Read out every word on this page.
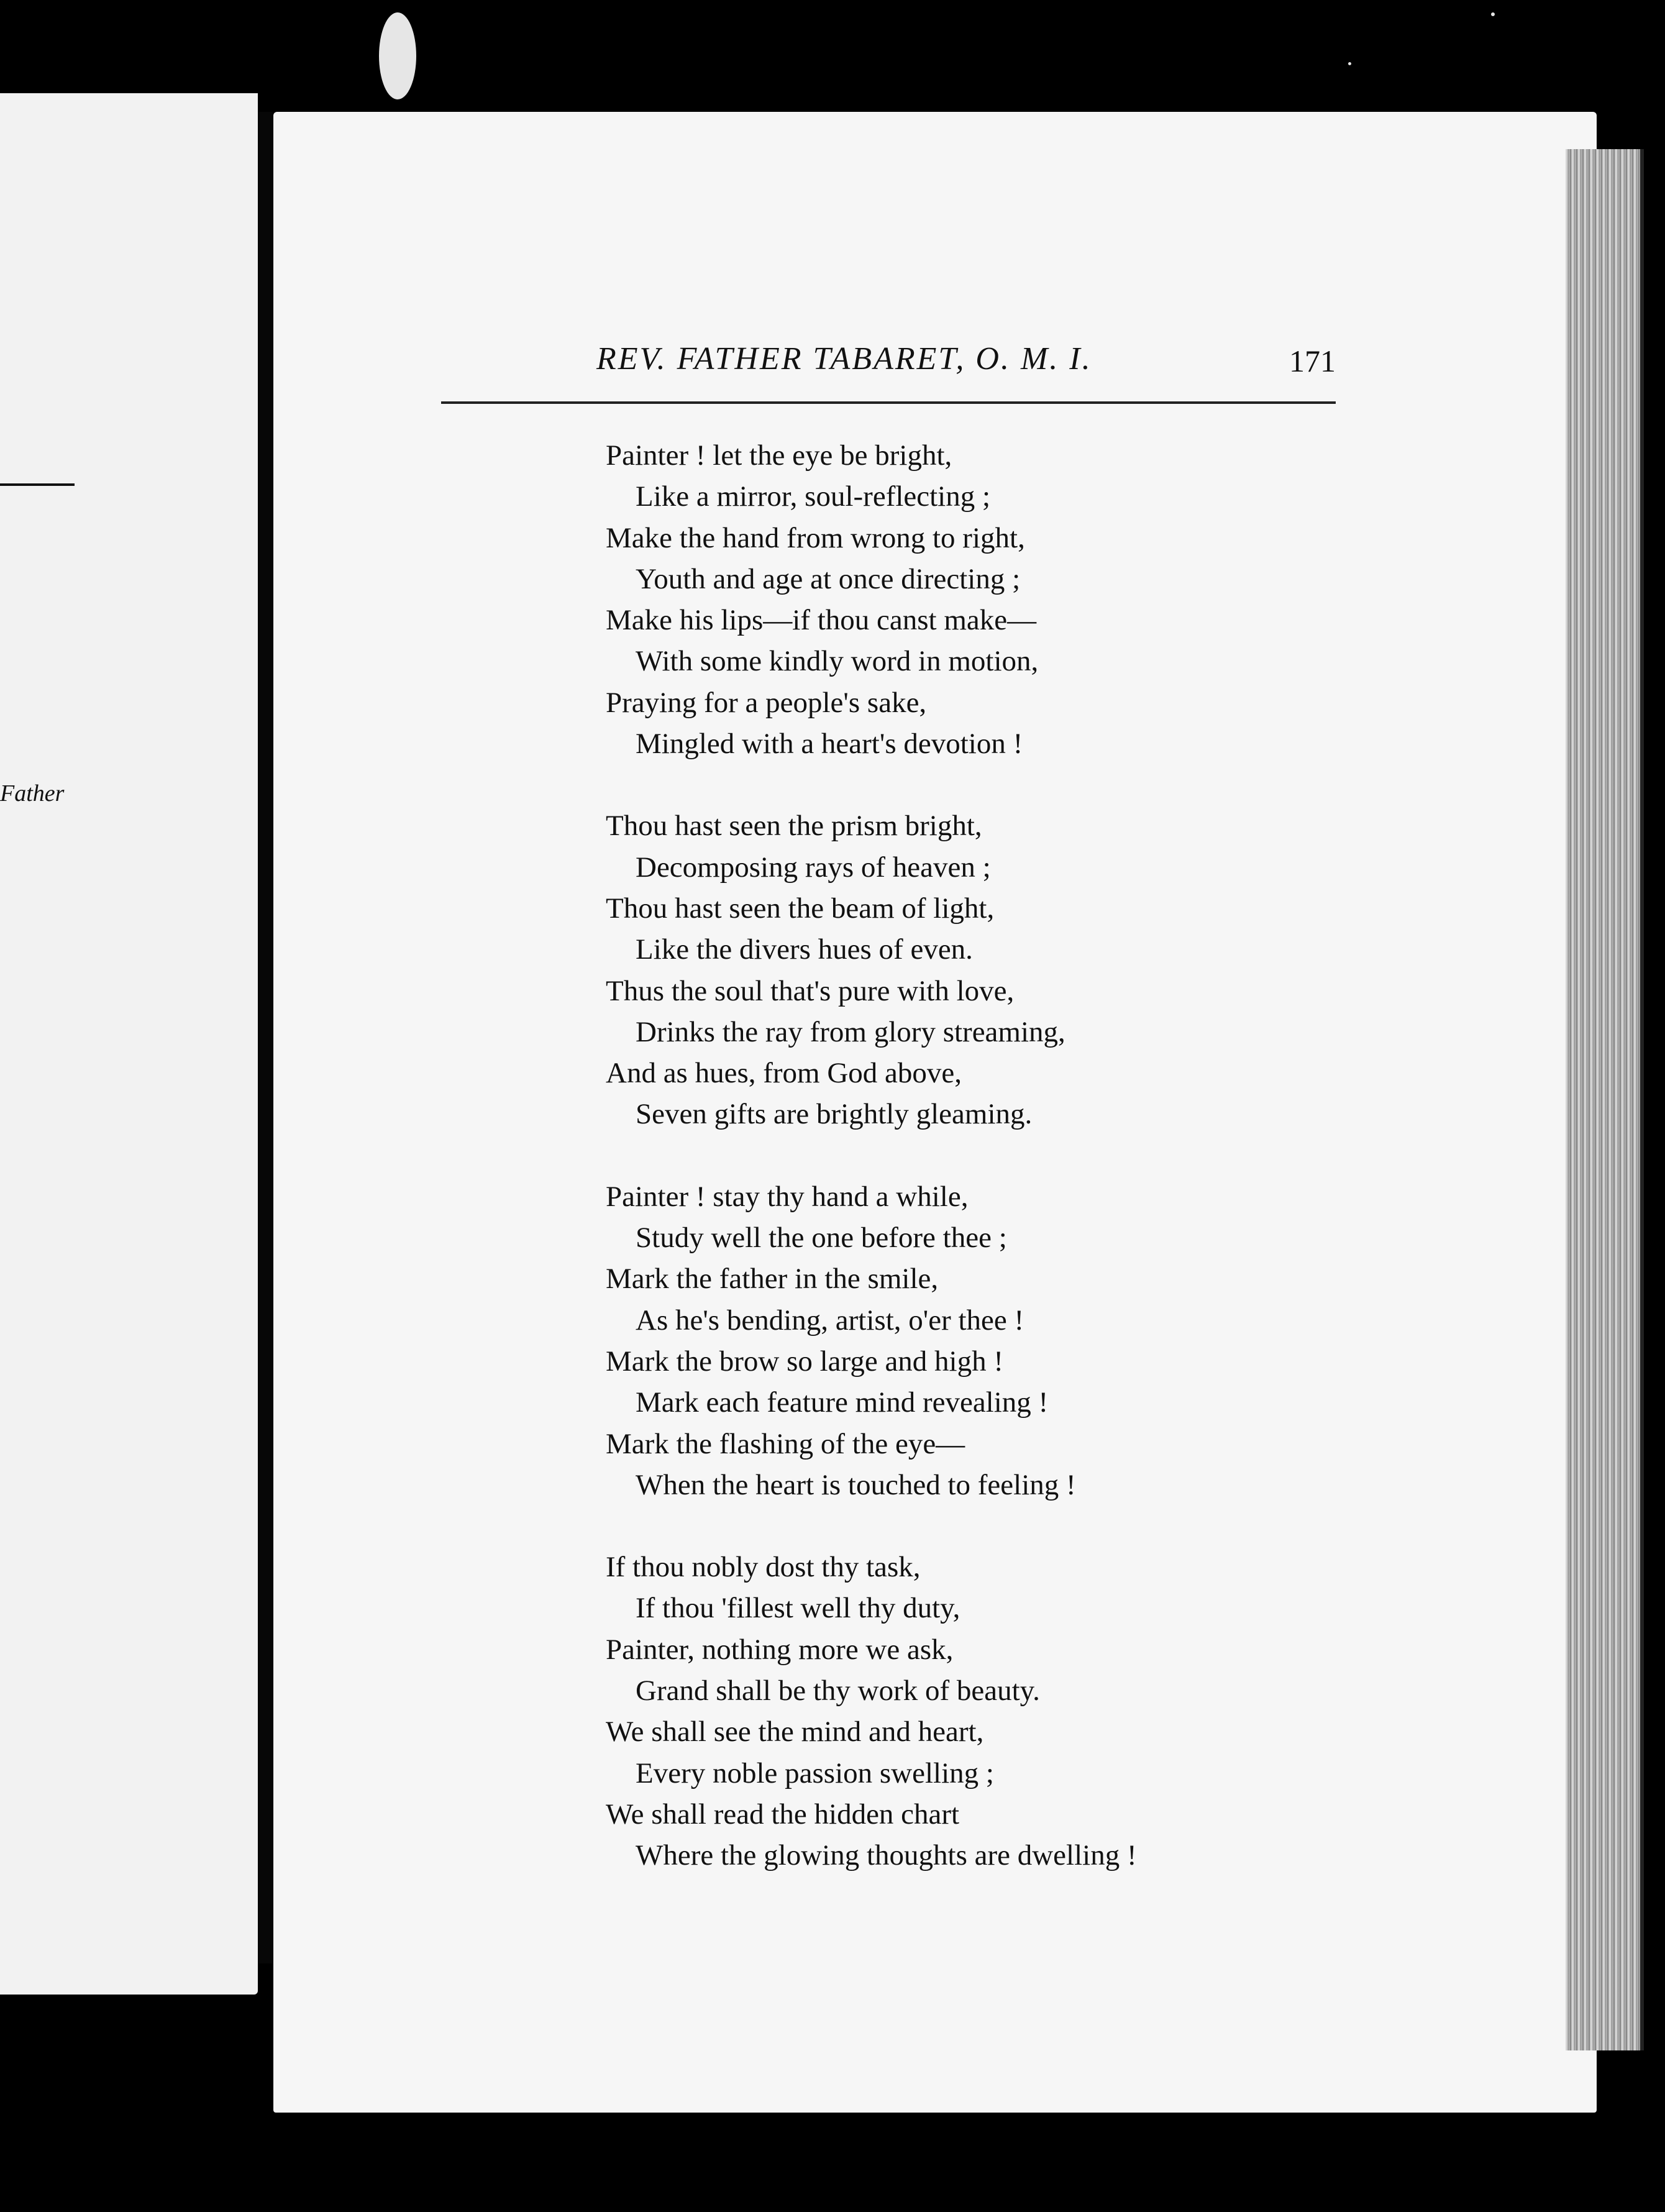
Father
REV. FATHER TABARET, O. M. I.	171
Painter ! let the eye be bright,
Like a mirror, soul-reflecting ;
Make the hand from wrong to right,
Youth and age at once directing ;
Make his lips—if thou canst make—
With some kindly word in motion,
Praying for a people's sake,
Mingled with a heart's devotion !
Thou hast seen the prism bright,
Decomposing rays of heaven ;
Thou hast seen the beam of light,
Like the divers hues of even.
Thus the soul that's pure with love,
Drinks the ray from glory streaming,
And as hues, from God above,
Seven gifts are brightly gleaming.
Painter ! stay thy hand a while,
Study well the one before thee ;
Mark the father in the smile,
As he's bending, artist, o'er thee !
Mark the brow so large and high !
Mark each feature mind revealing !
Mark the flashing of the eye—
When the heart is touched to feeling !
If thou nobly dost thy task,
If thou 'fillest well thy duty,
Painter, nothing more we ask,
Grand shall be thy work of beauty.
We shall see the mind and heart,
Every noble passion swelling ;
We shall read the hidden chart
Where the glowing thoughts are dwelling !
